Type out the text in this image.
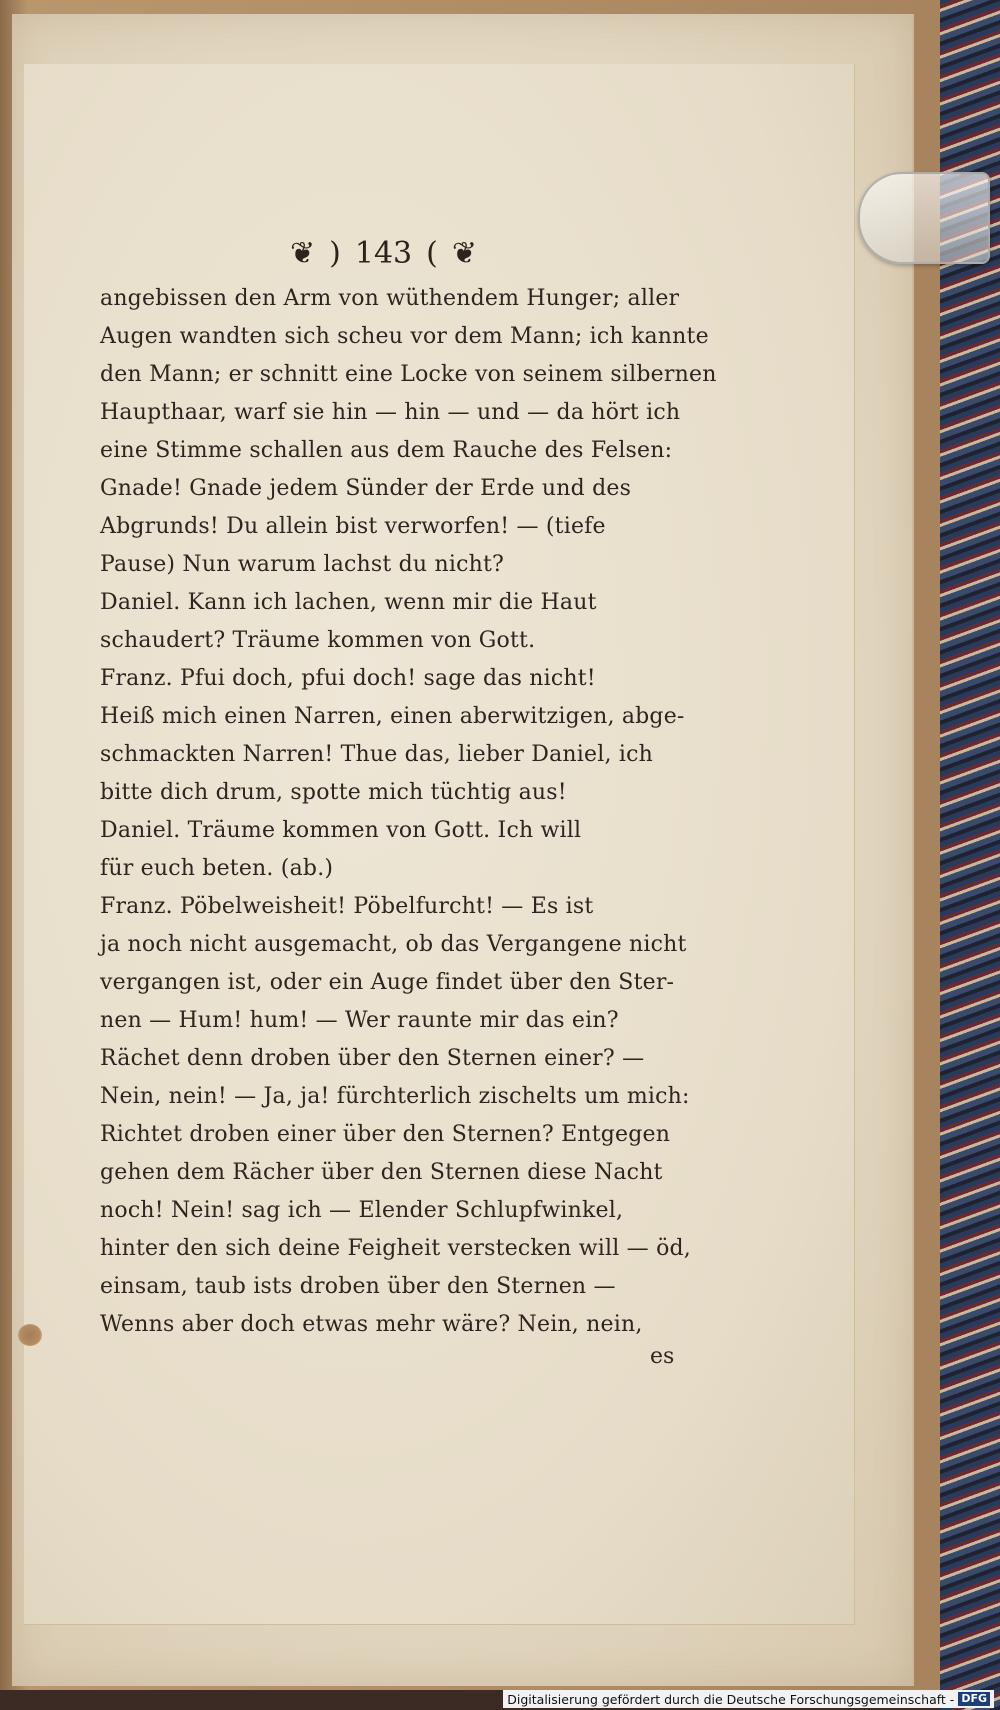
❦ ) 143 ( ❦
angebissen den Arm von wüthendem Hunger; aller
Augen wandten sich scheu vor dem Mann; ich kannte
den Mann; er schnitt eine Locke von seinem silbernen
Haupthaar, warf sie hin — hin — und — da hört ich
eine Stimme schallen aus dem Rauche des Felsen:
Gnade! Gnade jedem Sünder der Erde und des
Abgrunds! Du allein bist verworfen! — (tiefe
Pause) Nun warum lachst du nicht?
Daniel. Kann ich lachen, wenn mir die Haut
schaudert? Träume kommen von Gott.
Franz. Pfui doch, pfui doch! sage das nicht!
Heiß mich einen Narren, einen aberwitzigen, abge-
schmackten Narren! Thue das, lieber Daniel, ich
bitte dich drum, spotte mich tüchtig aus!
Daniel. Träume kommen von Gott. Ich will
für euch beten. (ab.)
Franz. Pöbelweisheit! Pöbelfurcht! — Es ist
ja noch nicht ausgemacht, ob das Vergangene nicht
vergangen ist, oder ein Auge findet über den Ster-
nen — Hum! hum! — Wer raunte mir das ein?
Rächet denn droben über den Sternen einer? —
Nein, nein! — Ja, ja! fürchterlich zischelts um mich:
Richtet droben einer über den Sternen? Entgegen
gehen dem Rächer über den Sternen diese Nacht
noch! Nein! sag ich — Elender Schlupfwinkel,
hinter den sich deine Feigheit verstecken will — öd,
einsam, taub ists droben über den Sternen —
Wenns aber doch etwas mehr wäre? Nein, nein,
es
Digitalisierung gefördert durch die Deutsche Forschungsgemeinschaft - DFG
